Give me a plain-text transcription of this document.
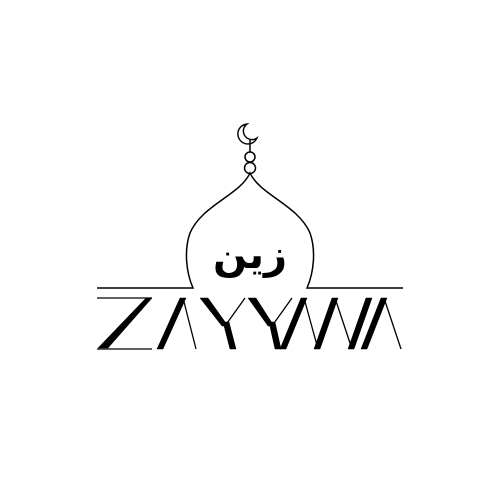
زين
